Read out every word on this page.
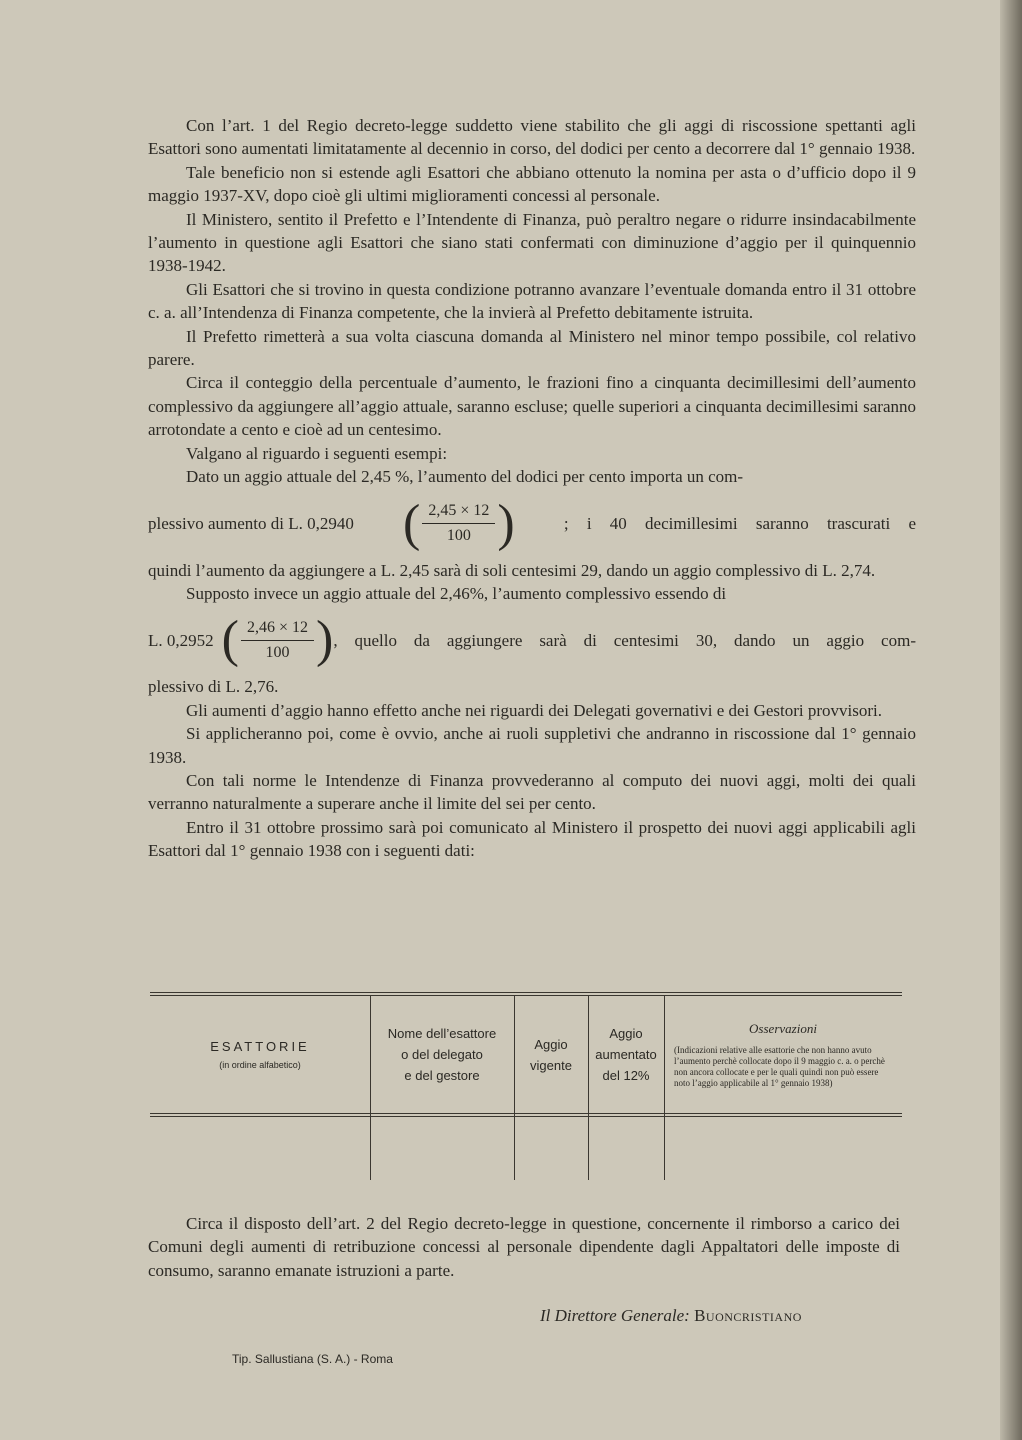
Con l’art. 1 del Regio decreto-legge suddetto viene stabilito che gli aggi di riscossione spettanti agli Esattori sono aumentati limitatamente al decennio in corso, del dodici per cento a decorrere dal 1° gennaio 1938.

Tale beneficio non si estende agli Esattori che abbiano ottenuto la nomina per asta o d’ufficio dopo il 9 maggio 1937-XV, dopo cioè gli ultimi miglioramenti concessi al personale.

Il Ministero, sentito il Prefetto e l’Intendente di Finanza, può peraltro negare o ridurre insindacabilmente l’aumento in questione agli Esattori che siano stati confermati con diminuzione d’aggio per il quinquennio 1938-1942.

Gli Esattori che si trovino in questa condizione potranno avanzare l’eventuale domanda entro il 31 ottobre c. a. all’Intendenza di Finanza competente, che la invierà al Prefetto debitamente istruita.

Il Prefetto rimetterà a sua volta ciascuna domanda al Ministero nel minor tempo possibile, col relativo parere.

Circa il conteggio della percentuale d’aumento, le frazioni fino a cinquanta decimillesimi dell’aumento complessivo da aggiungere all’aggio attuale, saranno escluse; quelle superiori a cinquanta decimillesimi saranno arrotondate a cento e cioè ad un centesimo.

Valgano al riguardo i seguenti esempi:

Dato un aggio attuale del 2,45 %, l’aumento del dodici per cento importa un com-

plessivo aumento di L. 0,2940 ( $\frac{2,45 \times 12}{100}$ )	; i 40 decimillesimi saranno trascurati e

quindi l’aumento da aggiungere a L. 2,45 sarà di soli centesimi 29, dando un aggio complessivo di L. 2,74.

Supposto invece un aggio attuale del 2,46%, l’aumento complessivo essendo di

L. 0,2952 ( $\frac{2,46 \times 12}{100}$ ) , quello da aggiungere sarà di centesimi 30, dando un aggio com-

plessivo di L. 2,76.

Gli aumenti d’aggio hanno effetto anche nei riguardi dei Delegati governativi e dei Gestori provvisori.

Si applicheranno poi, come è ovvio, anche ai ruoli suppletivi che andranno in riscossione dal 1° gennaio 1938.

Con tali norme le Intendenze di Finanza provvederanno al computo dei nuovi aggi, molti dei quali verranno naturalmente a superare anche il limite del sei per cento.

Entro il 31 ottobre prossimo sarà poi comunicato al Ministero il prospetto dei nuovi aggi applicabili agli Esattori dal 1° gennaio 1938 con i seguenti dati:

ESATTORIE
(in ordine alfabetico)
Nome dell’esattore
o del delegato
e del gestore
Aggio
vigente
Aggio
aumentato
del 12%
Osservazioni
(Indicazioni relative alle esattorie che non hanno avuto l’aumento perchè collocate dopo il 9 maggio c. a. o perchè non ancora collocate e per le quali quindi non può essere noto l’aggio applicabile al 1° gennaio 1938)

Circa il disposto dell’art. 2 del Regio decreto-legge in questione, concernente il rimborso a carico dei Comuni degli aumenti di retribuzione concessi al personale dipendente dagli Appaltatori delle imposte di consumo, saranno emanate istruzioni a parte.

Il Direttore Generale: Buoncristiano
Tip. Sallustiana (S. A.) - Roma
